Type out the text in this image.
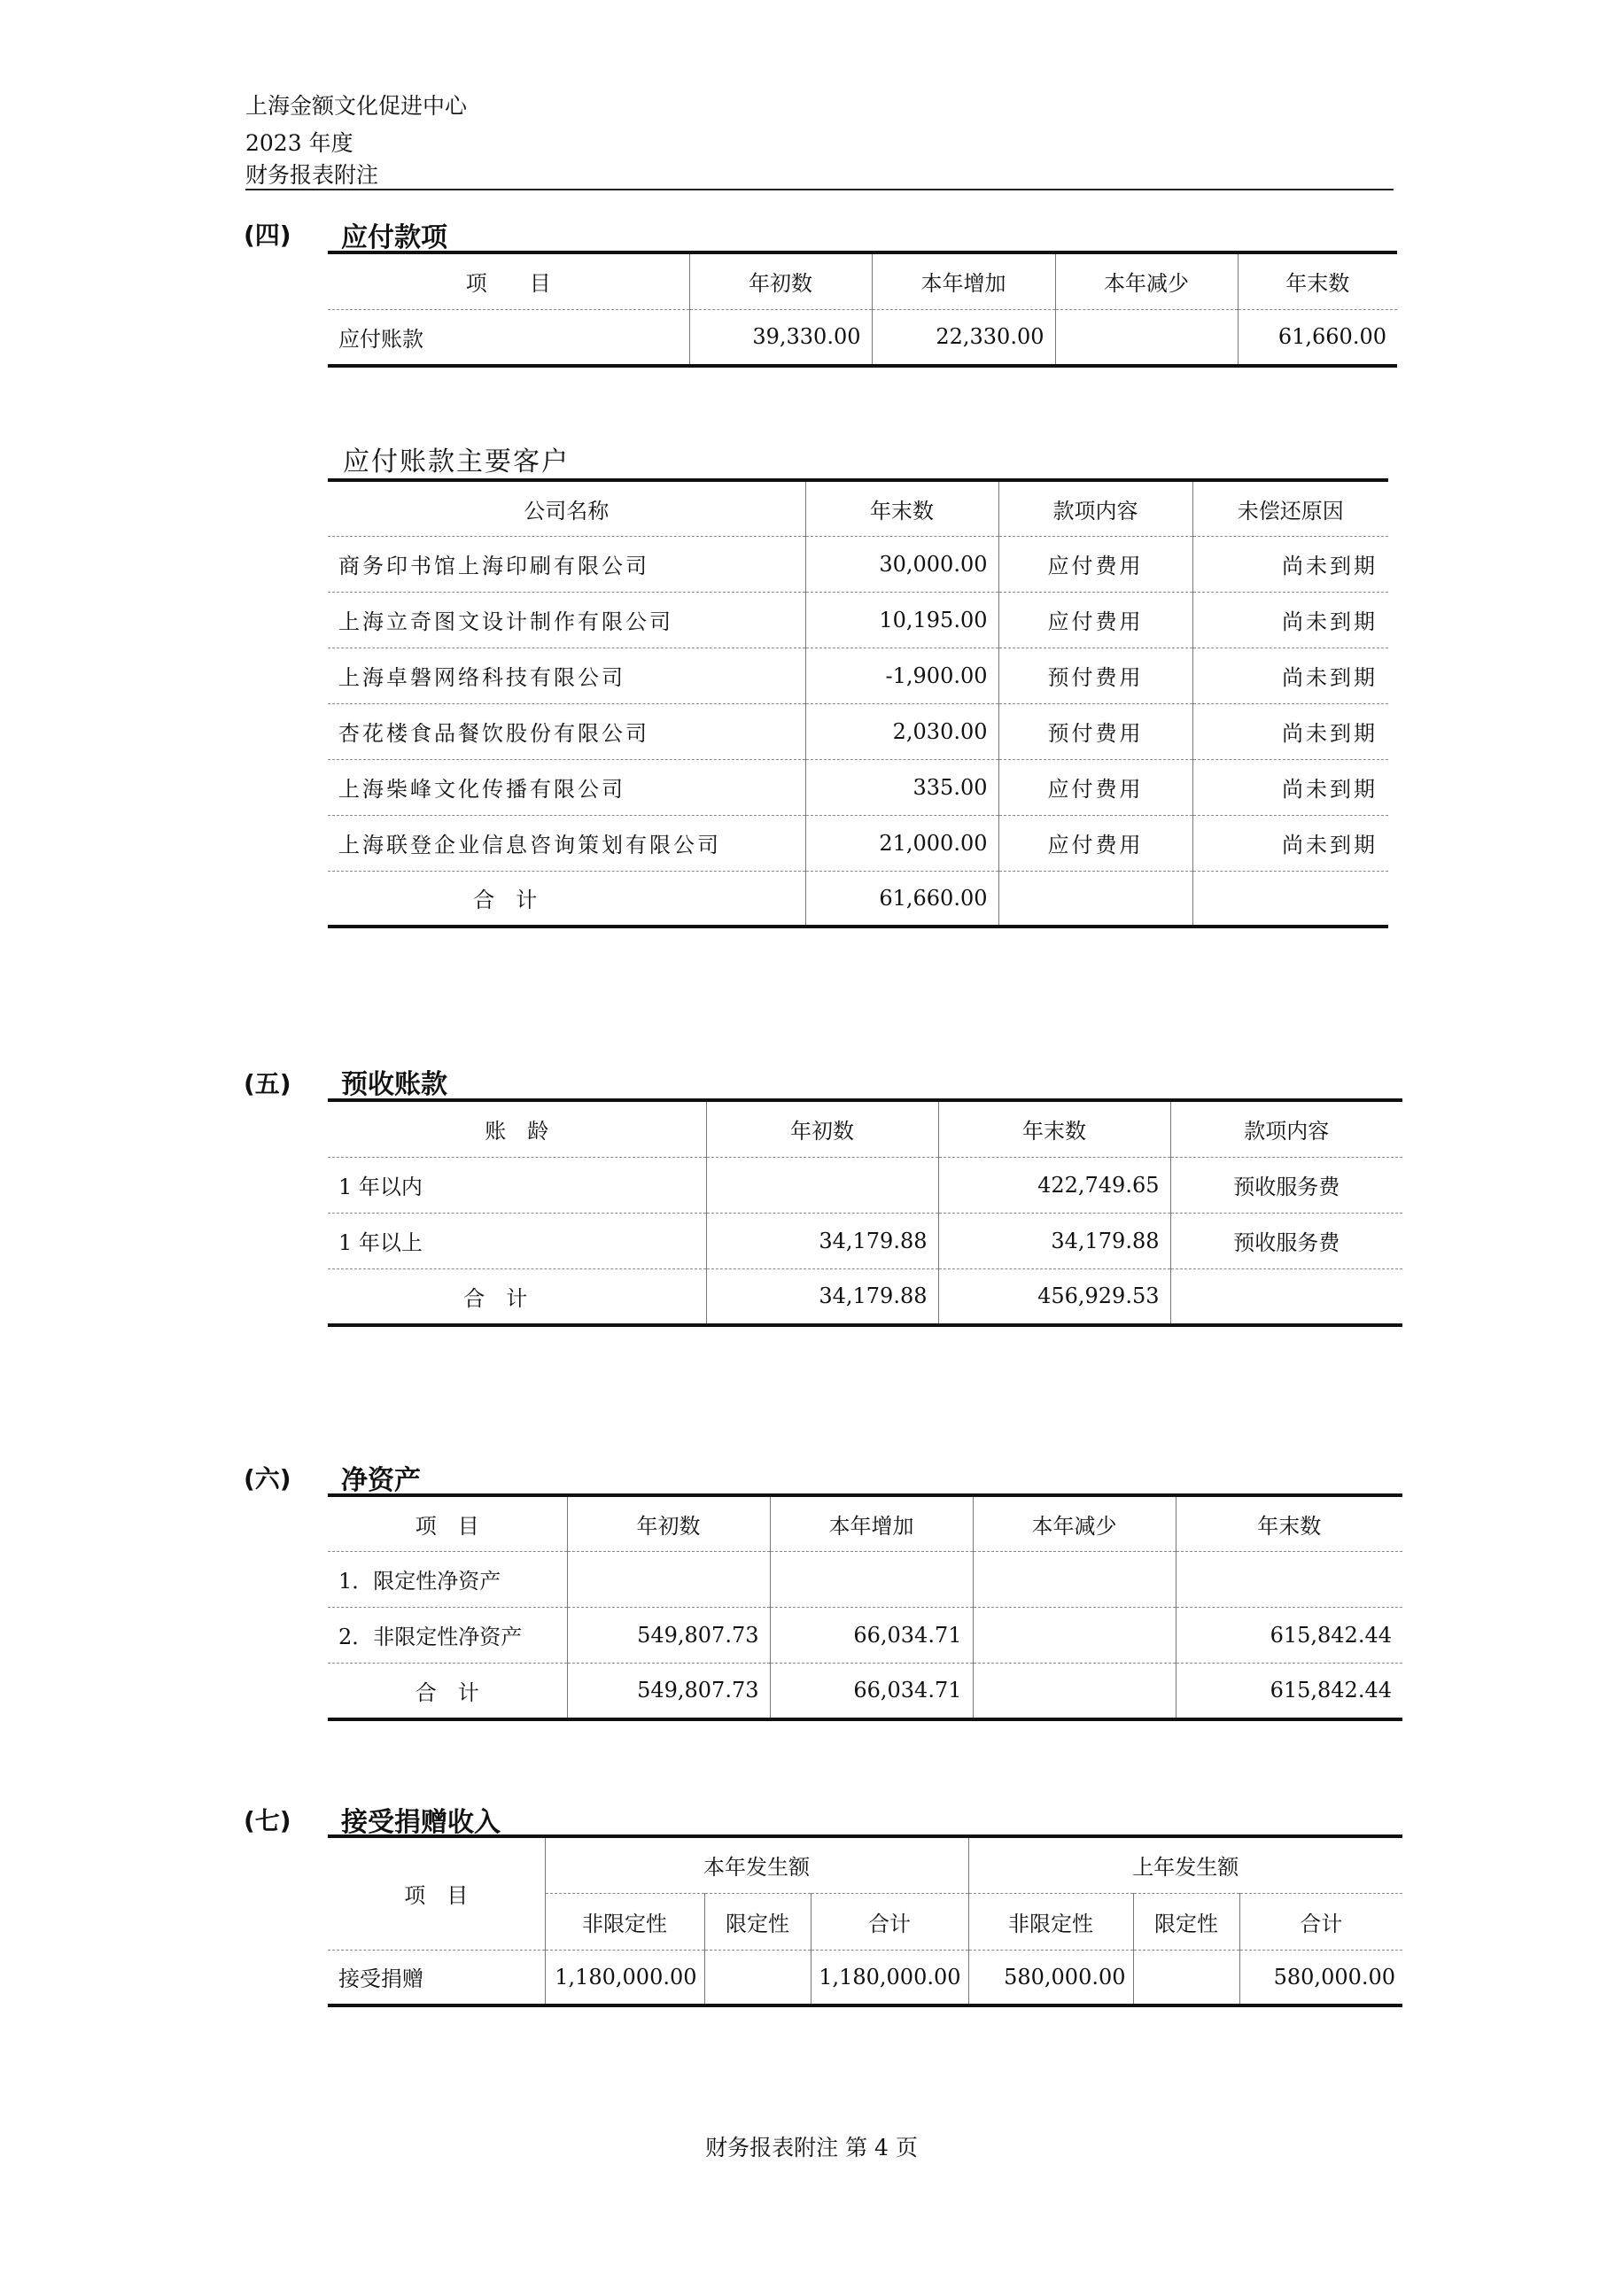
上海金额文化促进中心
2023 年度
财务报表附注
(四) 应付款项
项　　目	年初数	本年增加	本年减少	年末数
应付账款	39,330.00	22,330.00		61,660.00
应付账款主要客户
公司名称	年末数	款项内容	未偿还原因
商务印书馆上海印刷有限公司	30,000.00	应付费用	尚未到期
上海立奇图文设计制作有限公司	10,195.00	应付费用	尚未到期
上海卓磐网络科技有限公司	-1,900.00	预付费用	尚未到期
杏花楼食品餐饮股份有限公司	2,030.00	预付费用	尚未到期
上海柴峰文化传播有限公司	335.00	应付费用	尚未到期
上海联登企业信息咨询策划有限公司	21,000.00	应付费用	尚未到期
合　计	61,660.00		
(五) 预收账款
账　龄	年初数	年末数	款项内容
1 年以内		422,749.65	预收服务费
1 年以上	34,179.88	34,179.88	预收服务费
合　计	34,179.88	456,929.53	
(六) 净资产
项　目	年初数	本年增加	本年减少	年末数
1．限定性净资产				
2．非限定性净资产	549,807.73	66,034.71		615,842.44
合　计	549,807.73	66,034.71		615,842.44
(七) 接受捐赠收入
项　目	本年发生额			上年发生额		
	非限定性	限定性	合计	非限定性	限定性	合计
接受捐赠	1,180,000.00		1,180,000.00	580,000.00		580,000.00
财务报表附注 第 4 页
